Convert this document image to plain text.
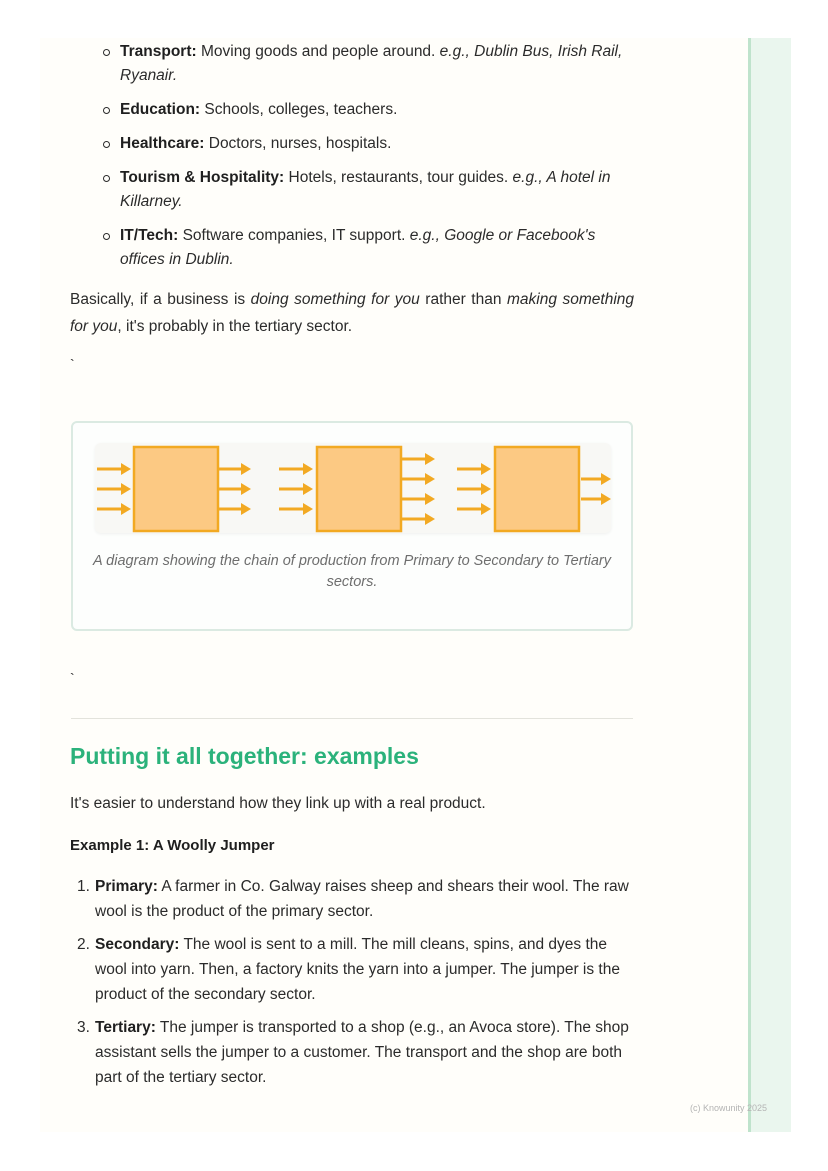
Transport: Moving goods and people around. e.g., Dublin Bus, Irish Rail, Ryanair.
Education: Schools, colleges, teachers.
Healthcare: Doctors, nurses, hospitals.
Tourism & Hospitality: Hotels, restaurants, tour guides. e.g., A hotel in Killarney.
IT/Tech: Software companies, IT support. e.g., Google or Facebook's offices in Dublin.

Basically, if a business is doing something for you rather than making something for you, it's probably in the tertiary sector.

`
A diagram showing the chain of production from Primary to Secondary to Tertiary sectors.
`
Putting it all together: examples

It's easier to understand how they link up with a real product.

Example 1: A Woolly Jumper
1. Primary: A farmer in Co. Galway raises sheep and shears their wool. The raw wool is the product of the primary sector.
2. Secondary: The wool is sent to a mill. The mill cleans, spins, and dyes the wool into yarn. Then, a factory knits the yarn into a jumper. The jumper is the product of the secondary sector.
3. Tertiary: The jumper is transported to a shop (e.g., an Avoca store). The shop assistant sells the jumper to a customer. The transport and the shop are both part of the tertiary sector.
(c) Knowunity 2025
